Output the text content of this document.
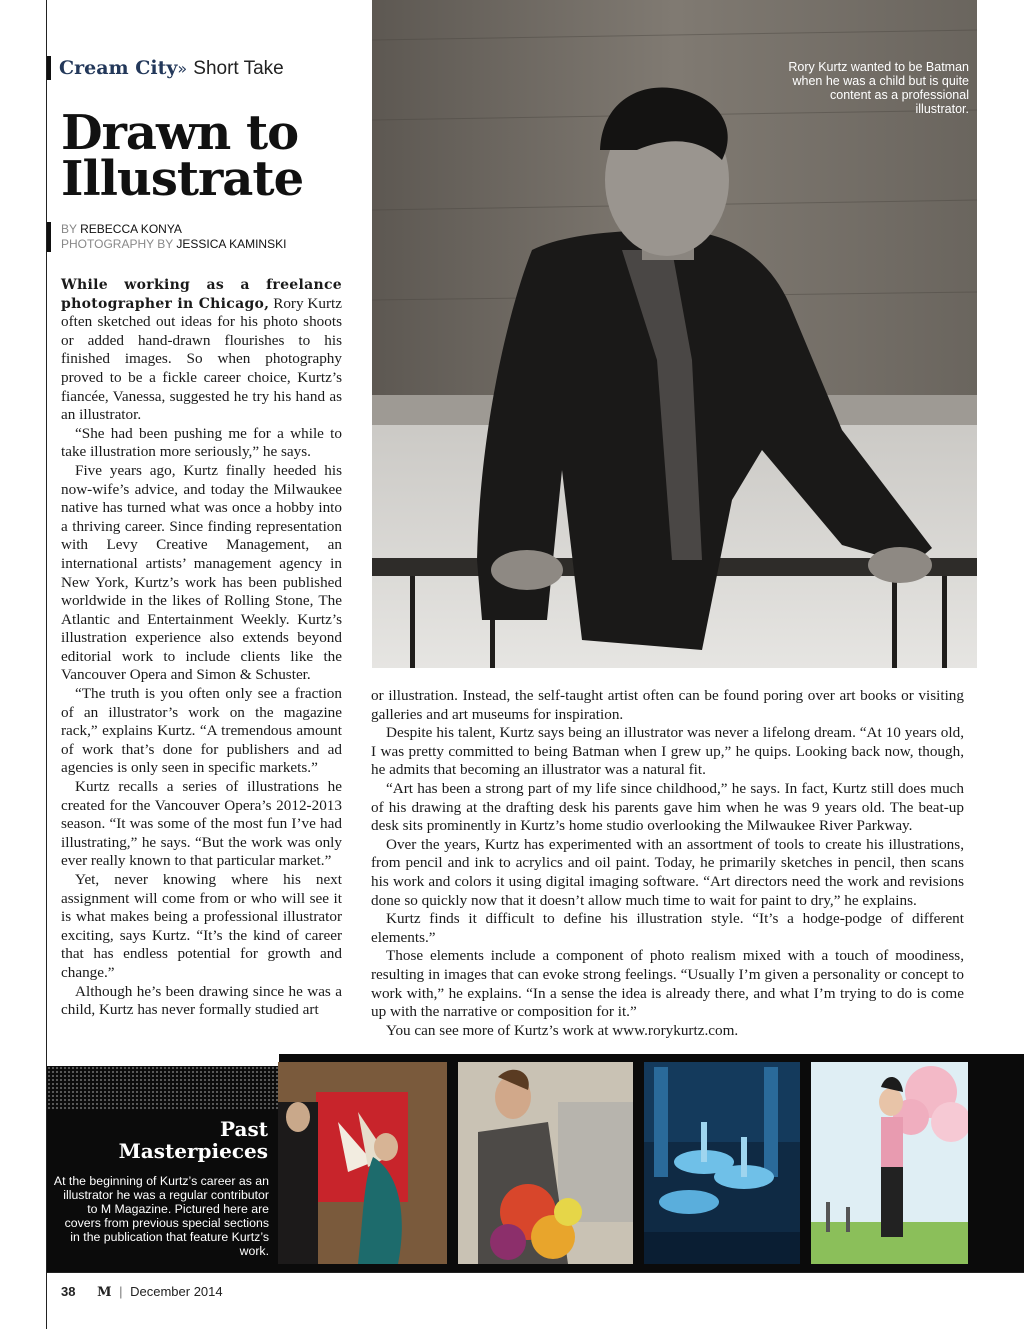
Cream City» Short Take
Drawn to
Illustrate
BY REBECCA KONYA
PHOTOGRAPHY BY JESSICA KAMINSKI

While working as a freelance photographer in Chicago, Rory Kurtz often sketched out ideas for his photo shoots or added hand-drawn flourishes to his finished images. So when photography proved to be a fickle career choice, Kurtz’s fiancée, Vanessa, suggested he try his hand as an illustrator.

“She had been pushing me for a while to take illustration more seriously,” he says.

Five years ago, Kurtz finally heeded his now-wife’s advice, and today the Milwaukee native has turned what was once a hobby into a thriving career. Since finding representation with Levy Creative Management, an international artists’ management agency in New York, Kurtz’s work has been published worldwide in the likes of Rolling Stone, The Atlantic and Entertainment Weekly. Kurtz’s illustration experience also extends beyond editorial work to include clients like the Vancouver Opera and Simon & Schuster.

“The truth is you often only see a fraction of an illustrator’s work on the magazine rack,” explains Kurtz. “A tremendous amount of work that’s done for publishers and ad agencies is only seen in specific markets.”

Kurtz recalls a series of illustrations he created for the Vancouver Opera’s 2012-2013 season. “It was some of the most fun I’ve had illustrating,” he says. “But the work was only ever really known to that particular market.”

Yet, never knowing where his next assignment will come from or who will see it is what makes being a professional illustrator exciting, says Kurtz. “It’s the kind of career that has endless potential for growth and change.”

Although he’s been drawing since he was a child, Kurtz has never formally studied art

Rory Kurtz wanted to be Batman when he was a child but is quite content as a professional illustrator.

or illustration. Instead, the self-taught artist often can be found poring over art books or visiting galleries and art museums for inspiration.

Despite his talent, Kurtz says being an illustrator was never a lifelong dream. “At 10 years old, I was pretty committed to being Batman when I grew up,” he quips. Looking back now, though, he admits that becoming an illustrator was a natural fit.

“Art has been a strong part of my life since childhood,” he says. In fact, Kurtz still does much of his drawing at the drafting desk his parents gave him when he was 9 years old. The beat-up desk sits prominently in Kurtz’s home studio overlooking the Milwaukee River Parkway.

Over the years, Kurtz has experimented with an assortment of tools to create his illustrations, from pencil and ink to acrylics and oil paint. Today, he primarily sketches in pencil, then scans his work and colors it using digital imaging software. “Art directors need the work and revisions done so quickly now that it doesn’t allow much time to wait for paint to dry,” he explains.

Kurtz finds it difficult to define his illustration style. “It’s a hodge-podge of different elements.”

Those elements include a component of photo realism mixed with a touch of moodiness, resulting in images that can evoke strong feelings. “Usually I’m given a personality or concept to work with,” he explains. “In a sense the idea is already there, and what I’m trying to do is come up with the narrative or composition for it.”

You can see more of Kurtz’s work at www.rorykurtz.com.

Past
Masterpieces
At the beginning of Kurtz’s career as an illustrator he was a regular contributor to M Magazine. Pictured here are covers from previous special sections in the publication that feature Kurtz’s work.
38 M | December 2014
